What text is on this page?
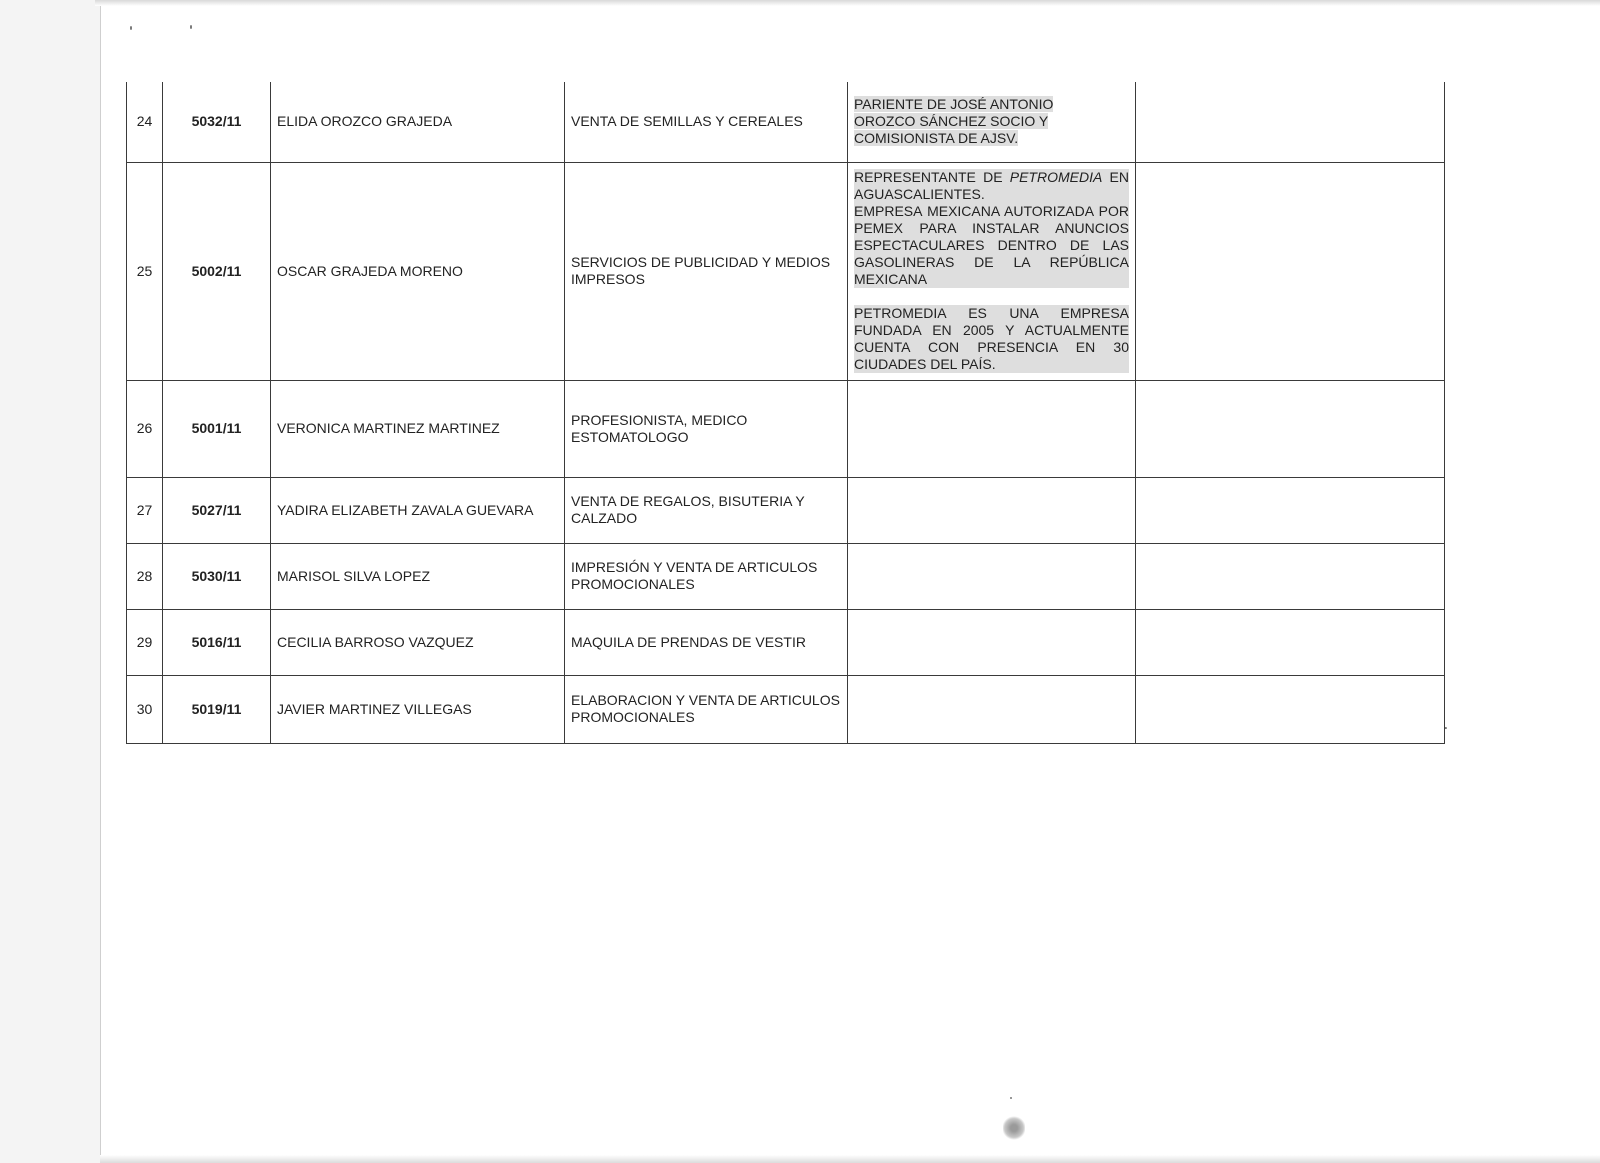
24	5032/11	ELIDA OROZCO GRAJEDA	VENTA DE SEMILLAS Y CEREALES	PARIENTE DE JOSÉ ANTONIO
OROZCO SÁNCHEZ SOCIO Y
COMISIONISTA DE AJSV.	
25	5002/11	OSCAR GRAJEDA MORENO	SERVICIOS DE PUBLICIDAD Y MEDIOS IMPRESOS	REPRESENTANTE DE PETROMEDIA EN AGUASCALIENTES.
EMPRESA MEXICANA AUTORIZADA POR PEMEX PARA INSTALAR ANUNCIOS ESPECTACULARES DENTRO DE LAS GASOLINERAS DE LA REPÚBLICA MEXICANA
PETROMEDIA ES UNA EMPRESA FUNDADA EN 2005 Y ACTUALMENTE CUENTA CON PRESENCIA EN 30 CIUDADES DEL PAÍS.	

26	5001/11	VERONICA MARTINEZ MARTINEZ	PROFESIONISTA, MEDICO ESTOMATOLOGO		
27	5027/11	YADIRA ELIZABETH ZAVALA GUEVARA	VENTA DE REGALOS, BISUTERIA Y CALZADO		
28	5030/11	MARISOL SILVA LOPEZ	IMPRESIÓN Y VENTA DE ARTICULOS PROMOCIONALES		
29	5016/11	CECILIA BARROSO VAZQUEZ	MAQUILA DE PRENDAS DE VESTIR		
30	5019/11	JAVIER MARTINEZ VILLEGAS	ELABORACION Y VENTA DE ARTICULOS PROMOCIONALES		
